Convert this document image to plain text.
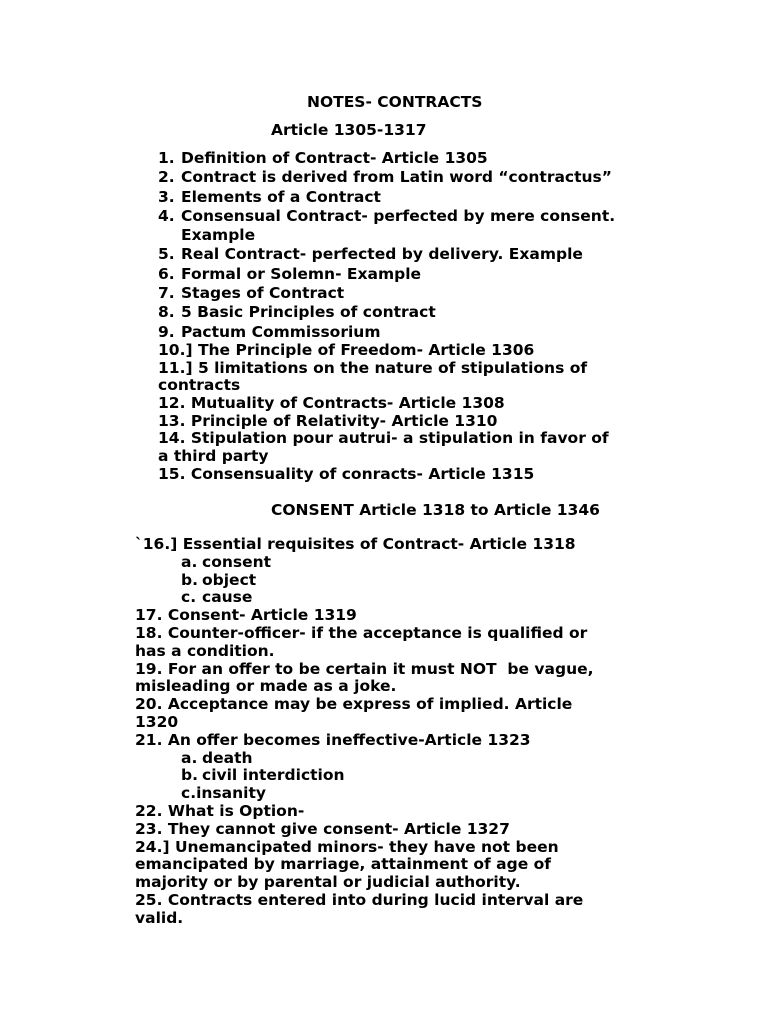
NOTES- CONTRACTS
Article 1305-1317
1. Definition of Contract- Article 1305
2. Contract is derived from Latin word “contractus”
3. Elements of a Contract
4. Consensual Contract- perfected by mere consent.
Example
5. Real Contract- perfected by delivery. Example
6. Formal or Solemn- Example
7. Stages of Contract
8. 5 Basic Principles of contract
9. Pactum Commissorium
10.] The Principle of Freedom- Article 1306
11.] 5 limitations on the nature of stipulations of
contracts
12. Mutuality of Contracts- Article 1308
13. Principle of Relativity- Article 1310
14. Stipulation pour autrui- a stipulation in favor of
a third party
15. Consensuality of conracts- Article 1315
CONSENT Article 1318 to Article 1346
`16.] Essential requisites of Contract- Article 1318
a. consent
b. object
c. cause
17. Consent- Article 1319
18. Counter-officer- if the acceptance is qualified or
has a condition.
19. For an offer to be certain it must NOT  be vague,
misleading or made as a joke.
20. Acceptance may be express of implied. Article
1320
21. An offer becomes ineffective-Article 1323
a. death
b. civil interdiction
c.insanity
22. What is Option-
23. They cannot give consent- Article 1327
24.] Unemancipated minors- they have not been
emancipated by marriage, attainment of age of
majority or by parental or judicial authority.
25. Contracts entered into during lucid interval are
valid.
